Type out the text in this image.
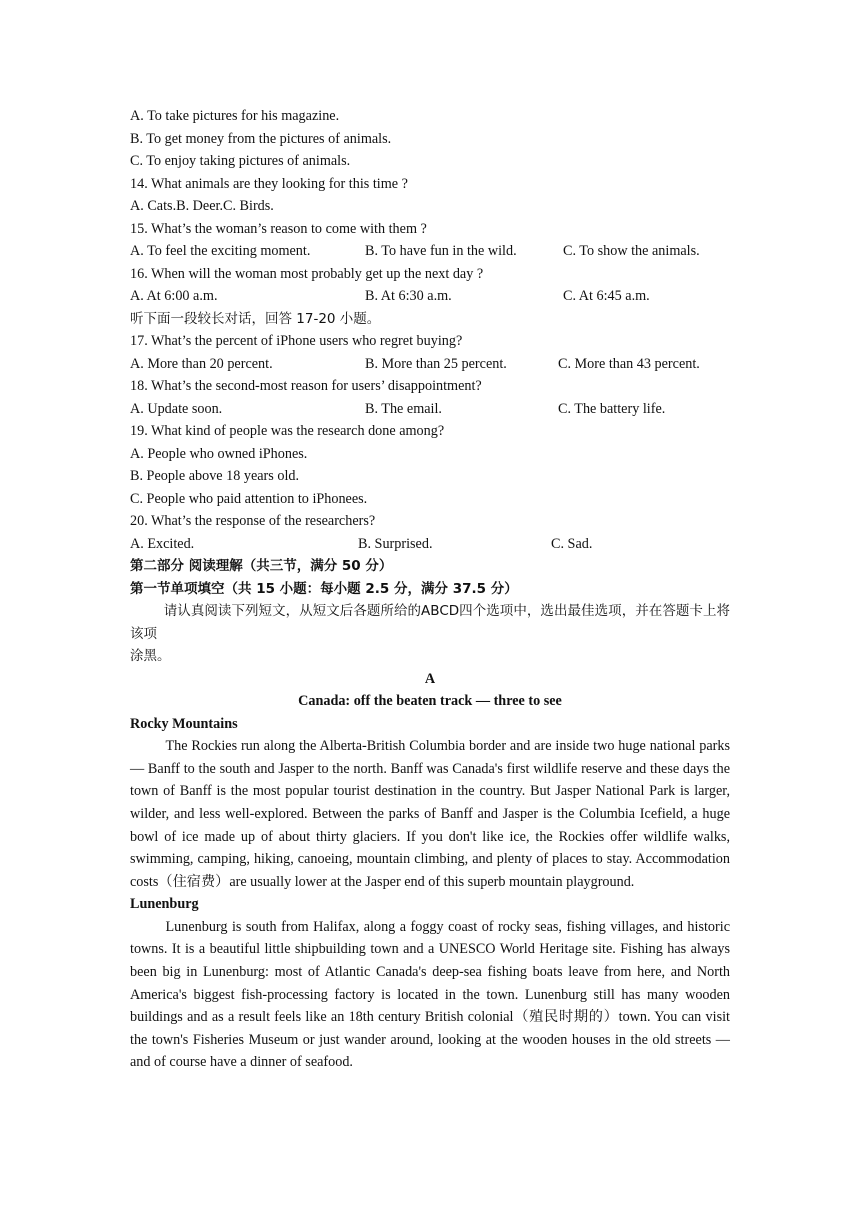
A. To take pictures for his magazine.
B. To get money from the pictures of animals.
C. To enjoy taking pictures of animals.
14. What animals are they looking for this time ?
A. Cats.B. Deer.C. Birds.
15. What’s the woman’s reason to come with them ?
A. To feel the exciting moment.	B. To have fun in the wild.	C. To show the animals.
16. When will the woman most probably get up the next day ?
A. At 6:00 a.m.	B. At 6:30 a.m.	C. At 6:45 a.m.
听下面一段较长对话，回答 17-20 小题。
17. What’s the percent of iPhone users who regret buying?
A. More than 20 percent.	B. More than 25 percent.	C. More than 43 percent.
18. What’s the second-most reason for users’ disappointment?
A. Update soon.	B. The email.	C. The battery life.
19. What kind of people was the research done among?
A. People who owned iPhones.
B. People above 18 years old.
C. People who paid attention to iPhonees.
20. What’s the response of the researchers?
A. Excited.	B. Surprised.	C. Sad.
第二部分 阅读理解（共三节，满分 50 分）
第一节单项填空（共 15 小题：每小题 2.5 分，满分 37.5 分）
请认真阅读下列短文，从短文后各题所给的ABCD四个选项中，选出最佳选项，并在答题卡上将该项
涂黑。
A
Canada: off the beaten track — three to see
Rocky Mountains
The Rockies run along the Alberta-British Columbia border and are inside two huge national parks — Banff to the south and Jasper to the north. Banff was Canada's first wildlife reserve and these days the town of Banff is the most popular tourist destination in the country. But Jasper National Park is larger, wilder, and less well-explored. Between the parks of Banff and Jasper is the Columbia Icefield, a huge bowl of ice made up of about thirty glaciers. If you don't like ice, the Rockies offer wildlife walks, swimming, camping, hiking, canoeing, mountain climbing, and plenty of places to stay. Accommodation costs（住宿费）are usually lower at the Jasper end of this superb mountain playground.
Lunenburg
Lunenburg is south from Halifax, along a foggy coast of rocky seas, fishing villages, and historic towns. It is a beautiful little shipbuilding town and a UNESCO World Heritage site. Fishing has always been big in Lunenburg: most of Atlantic Canada's deep-sea fishing boats leave from here, and North America's biggest fish-processing factory is located in the town. Lunenburg still has many wooden buildings and as a result feels like an 18th century British colonial（殖民时期的）town. You can visit the town's Fisheries Museum or just wander around, looking at the wooden houses in the old streets — and of course have a dinner of seafood.
